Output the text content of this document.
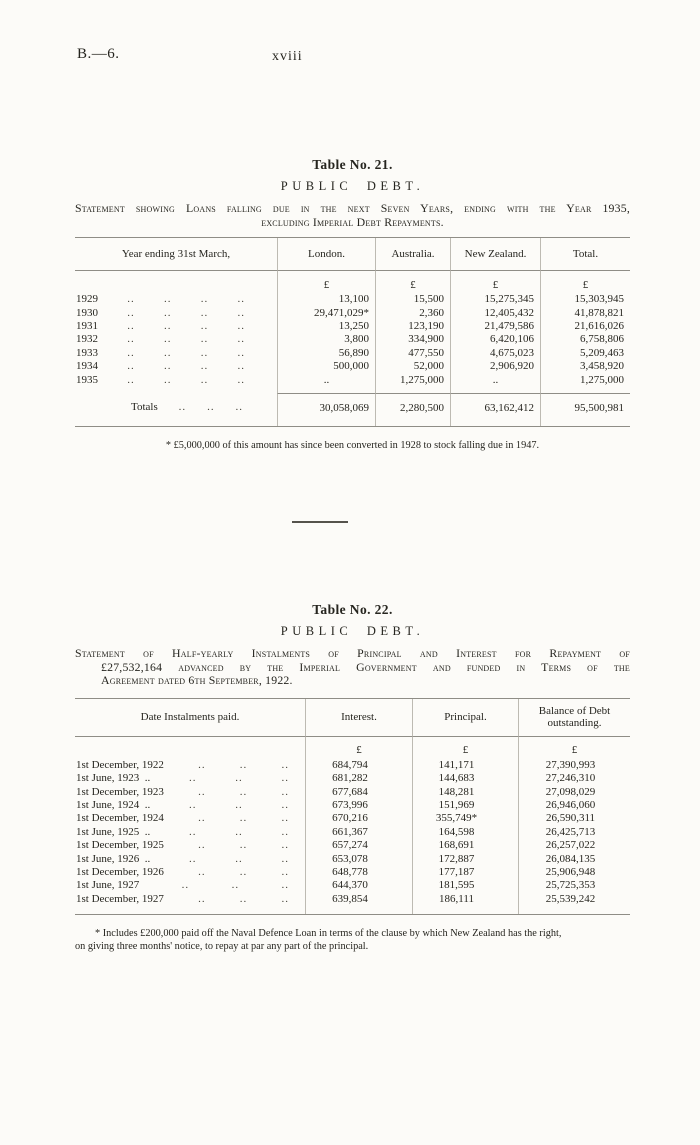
B.—6.	xviii
Table No. 21.
PUBLIC DEBT.
Statement showing Loans falling due in the next Seven Years, ending with the Year 1935,
excluding Imperial Debt Repayments.
Year ending 31st March,	London.	Australia.	New Zealand.	Total.
£	£	£	£
1929	..	..	..	..	13,100	15,500	15,275,345	15,303,945
1930	..	..	..	..	29,471,029*	2,360	12,405,432	41,878,821
1931	..	..	..	..	13,250	123,190	21,479,586	21,616,026
1932	..	..	..	..	3,800	334,900	6,420,106	6,758,806
1933	..	..	..	..	56,890	477,550	4,675,023	5,209,463
1934	..	..	..	..	500,000	52,000	2,906,920	3,458,920
1935	..	..	..	..	..	1,275,000	..	1,275,000
Totals .. .. ..	30,058,069	2,280,500	63,162,412	95,500,981
* £5,000,000 of this amount has since been converted in 1928 to stock falling due in 1947.
Table No. 22.
PUBLIC DEBT.
Statement of Half-yearly Instalments of Principal and Interest for Repayment of
£27,532,164 advanced by the Imperial Government and funded in Terms of the
Agreement dated 6th September, 1922.
Date Instalments paid.	Interest.	Principal.
Balance of Debt
outstanding.
£	£	£
1st December, 1922	..	..	..	684,794	141,171	27,390,993
1st June, 1923 ..	..	..	..	681,282	144,683	27,246,310
1st December, 1923	..	..	..	677,684	148,281	27,098,029
1st June, 1924 ..	..	..	..	673,996	151,969	26,946,060
1st December, 1924	..	..	..	670,216	355,749*	26,590,311
1st June, 1925 ..	..	..	..	661,367	164,598	26,425,713
1st December, 1925	..	..	..	657,274	168,691	26,257,022
1st June, 1926 ..	..	..	..	653,078	172,887	26,084,135
1st December, 1926	..	..	..	648,778	177,187	25,906,948
1st June, 1927	..	..	..	644,370	181,595	25,725,353
1st December, 1927	..	..	..	639,854	186,111	25,539,242
* Includes £200,000 paid off the Naval Defence Loan in terms of the clause by which New Zealand has the right,
on giving three months' notice, to repay at par any part of the principal.
